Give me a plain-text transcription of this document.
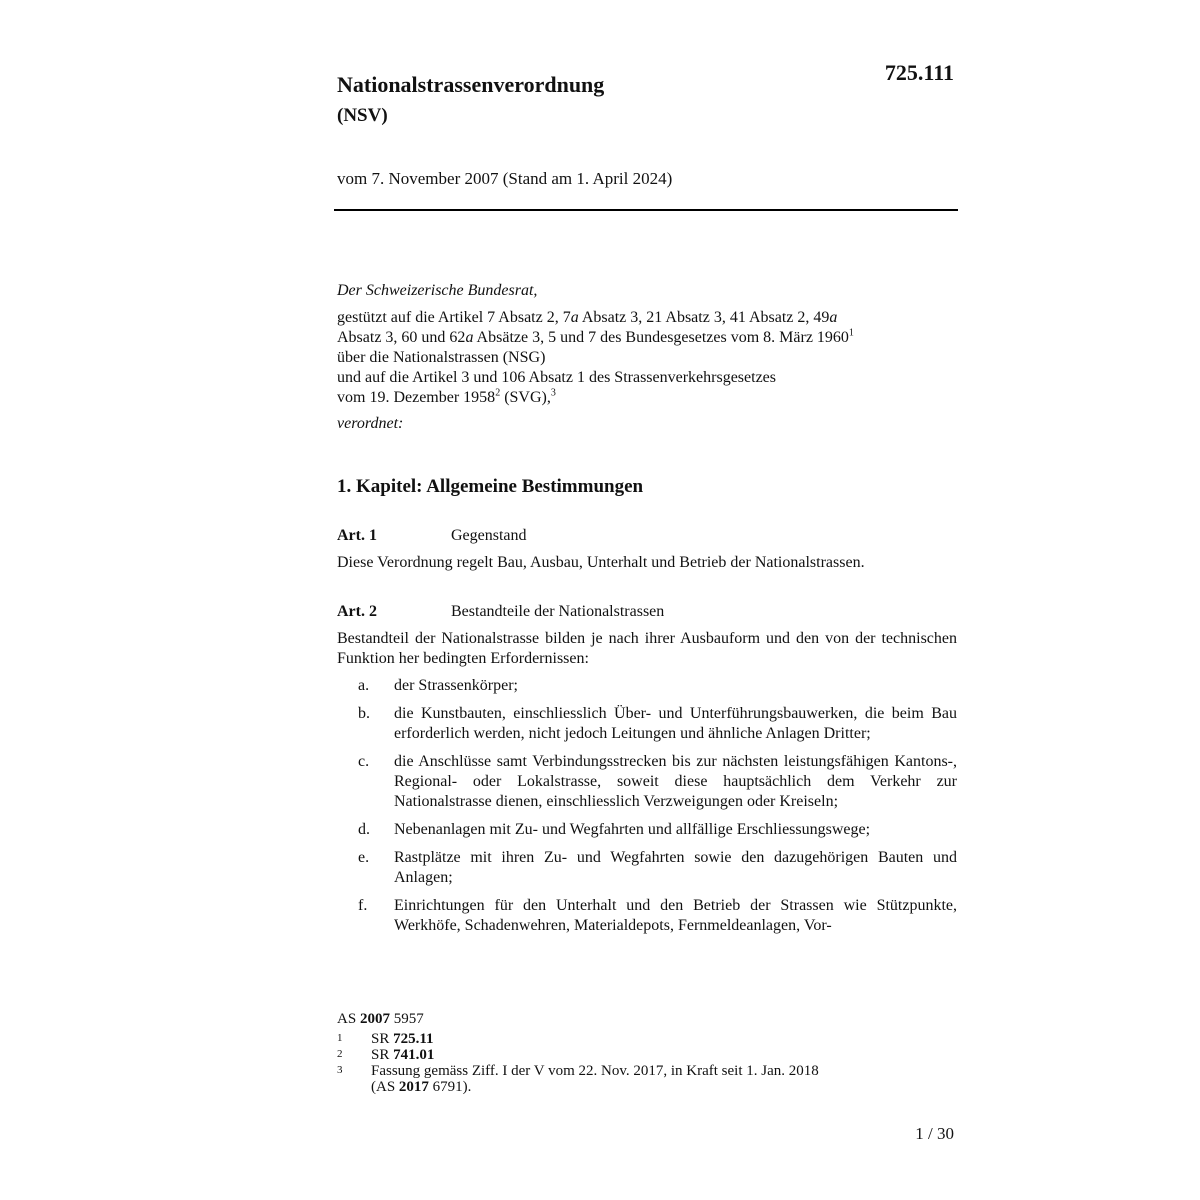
725.111
Nationalstrassenverordnung
(NSV)
vom 7. November 2007 (Stand am 1. April 2024)
Der Schweizerische Bundesrat,
gestützt auf die Artikel 7 Absatz 2, 7a Absatz 3, 21 Absatz 3, 41 Absatz 2, 49a
Absatz 3, 60 und 62a Absätze 3, 5 und 7 des Bundesgesetzes vom 8. März 1960$^1$
über die Nationalstrassen (NSG)
und auf die Artikel 3 und 106 Absatz 1 des Strassenverkehrsgesetzes
vom 19. Dezember 1958$^2$ (SVG),$^3$
verordnet:
1. Kapitel: Allgemeine Bestimmungen
Art. 1	Gegenstand
Diese Verordnung regelt Bau, Ausbau, Unterhalt und Betrieb der Nationalstrassen.
Art. 2	Bestandteile der Nationalstrassen
Bestandteil der Nationalstrasse bilden je nach ihrer Ausbauform und den von der technischen Funktion her bedingten Erfordernissen:
a.	der Strassenkörper;
b.	die Kunstbauten, einschliesslich Über- und Unterführungsbauwerken, die beim Bau erforderlich werden, nicht jedoch Leitungen und ähnliche Anlagen Dritter;
c.	die Anschlüsse samt Verbindungsstrecken bis zur nächsten leistungsfähigen Kantons-, Regional- oder Lokalstrasse, soweit diese hauptsächlich dem Verkehr zur Nationalstrasse dienen, einschliesslich Verzweigungen oder Kreiseln;
d.	Nebenanlagen mit Zu- und Wegfahrten und allfällige Erschliessungswege;
e.	Rastplätze mit ihren Zu- und Wegfahrten sowie den dazugehörigen Bauten und Anlagen;
f.	Einrichtungen für den Unterhalt und den Betrieb der Strassen wie Stützpunkte, Werkhöfe, Schadenwehren, Materialdepots, Fernmeldeanlagen, Vor-
AS 2007 5957
1	SR 725.11
2	SR 741.01
3	Fassung gemäss Ziff. I der V vom 22. Nov. 2017, in Kraft seit 1. Jan. 2018
(AS 2017 6791).
1 / 30
